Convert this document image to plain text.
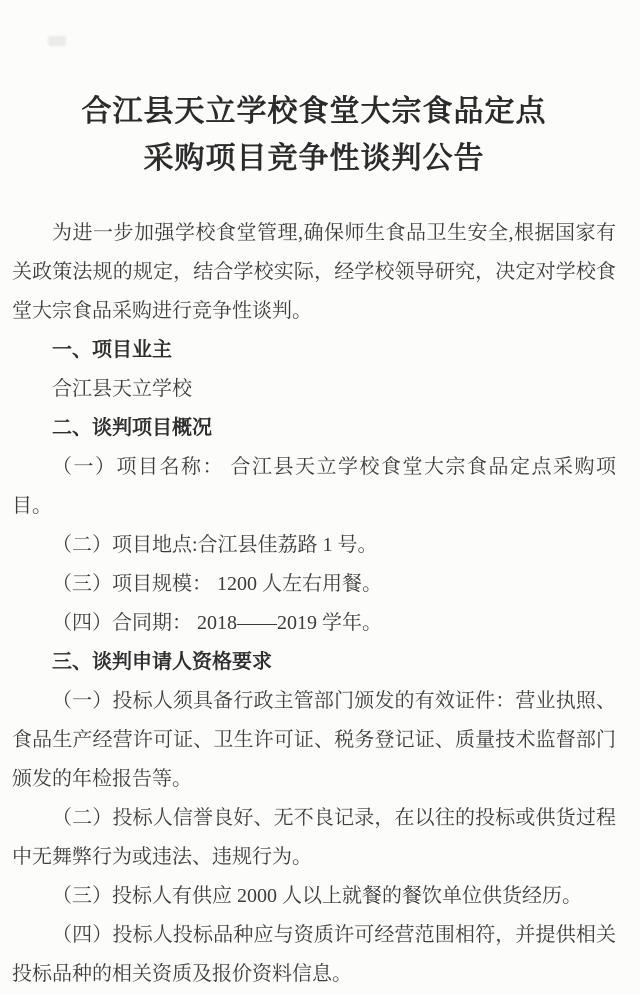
合江县天立学校食堂大宗食品定点
采购项目竞争性谈判公告

为进一步加强学校食堂管理,确保师生食品卫生安全,根据国家有关政策法规的规定，结合学校实际，经学校领导研究，决定对学校食堂大宗食品采购进行竞争性谈判。

一、项目业主

合江县天立学校

二、谈判项目概况

（一）项目名称： 合江县天立学校食堂大宗食品定点采购项目。

（二）项目地点:合江县佳荔路 1 号。

（三）项目规模： 1200 人左右用餐。

（四）合同期： 2018——2019 学年。

三、谈判申请人资格要求

（一）投标人须具备行政主管部门颁发的有效证件：营业执照、食品生产经营许可证、卫生许可证、税务登记证、质量技术监督部门颁发的年检报告等。

（二）投标人信誉良好、无不良记录，在以往的投标或供货过程中无舞弊行为或违法、违规行为。

（三）投标人有供应 2000 人以上就餐的餐饮单位供货经历。

（四）投标人投标品种应与资质许可经营范围相符，并提供相关投标品种的相关资质及报价资料信息。
